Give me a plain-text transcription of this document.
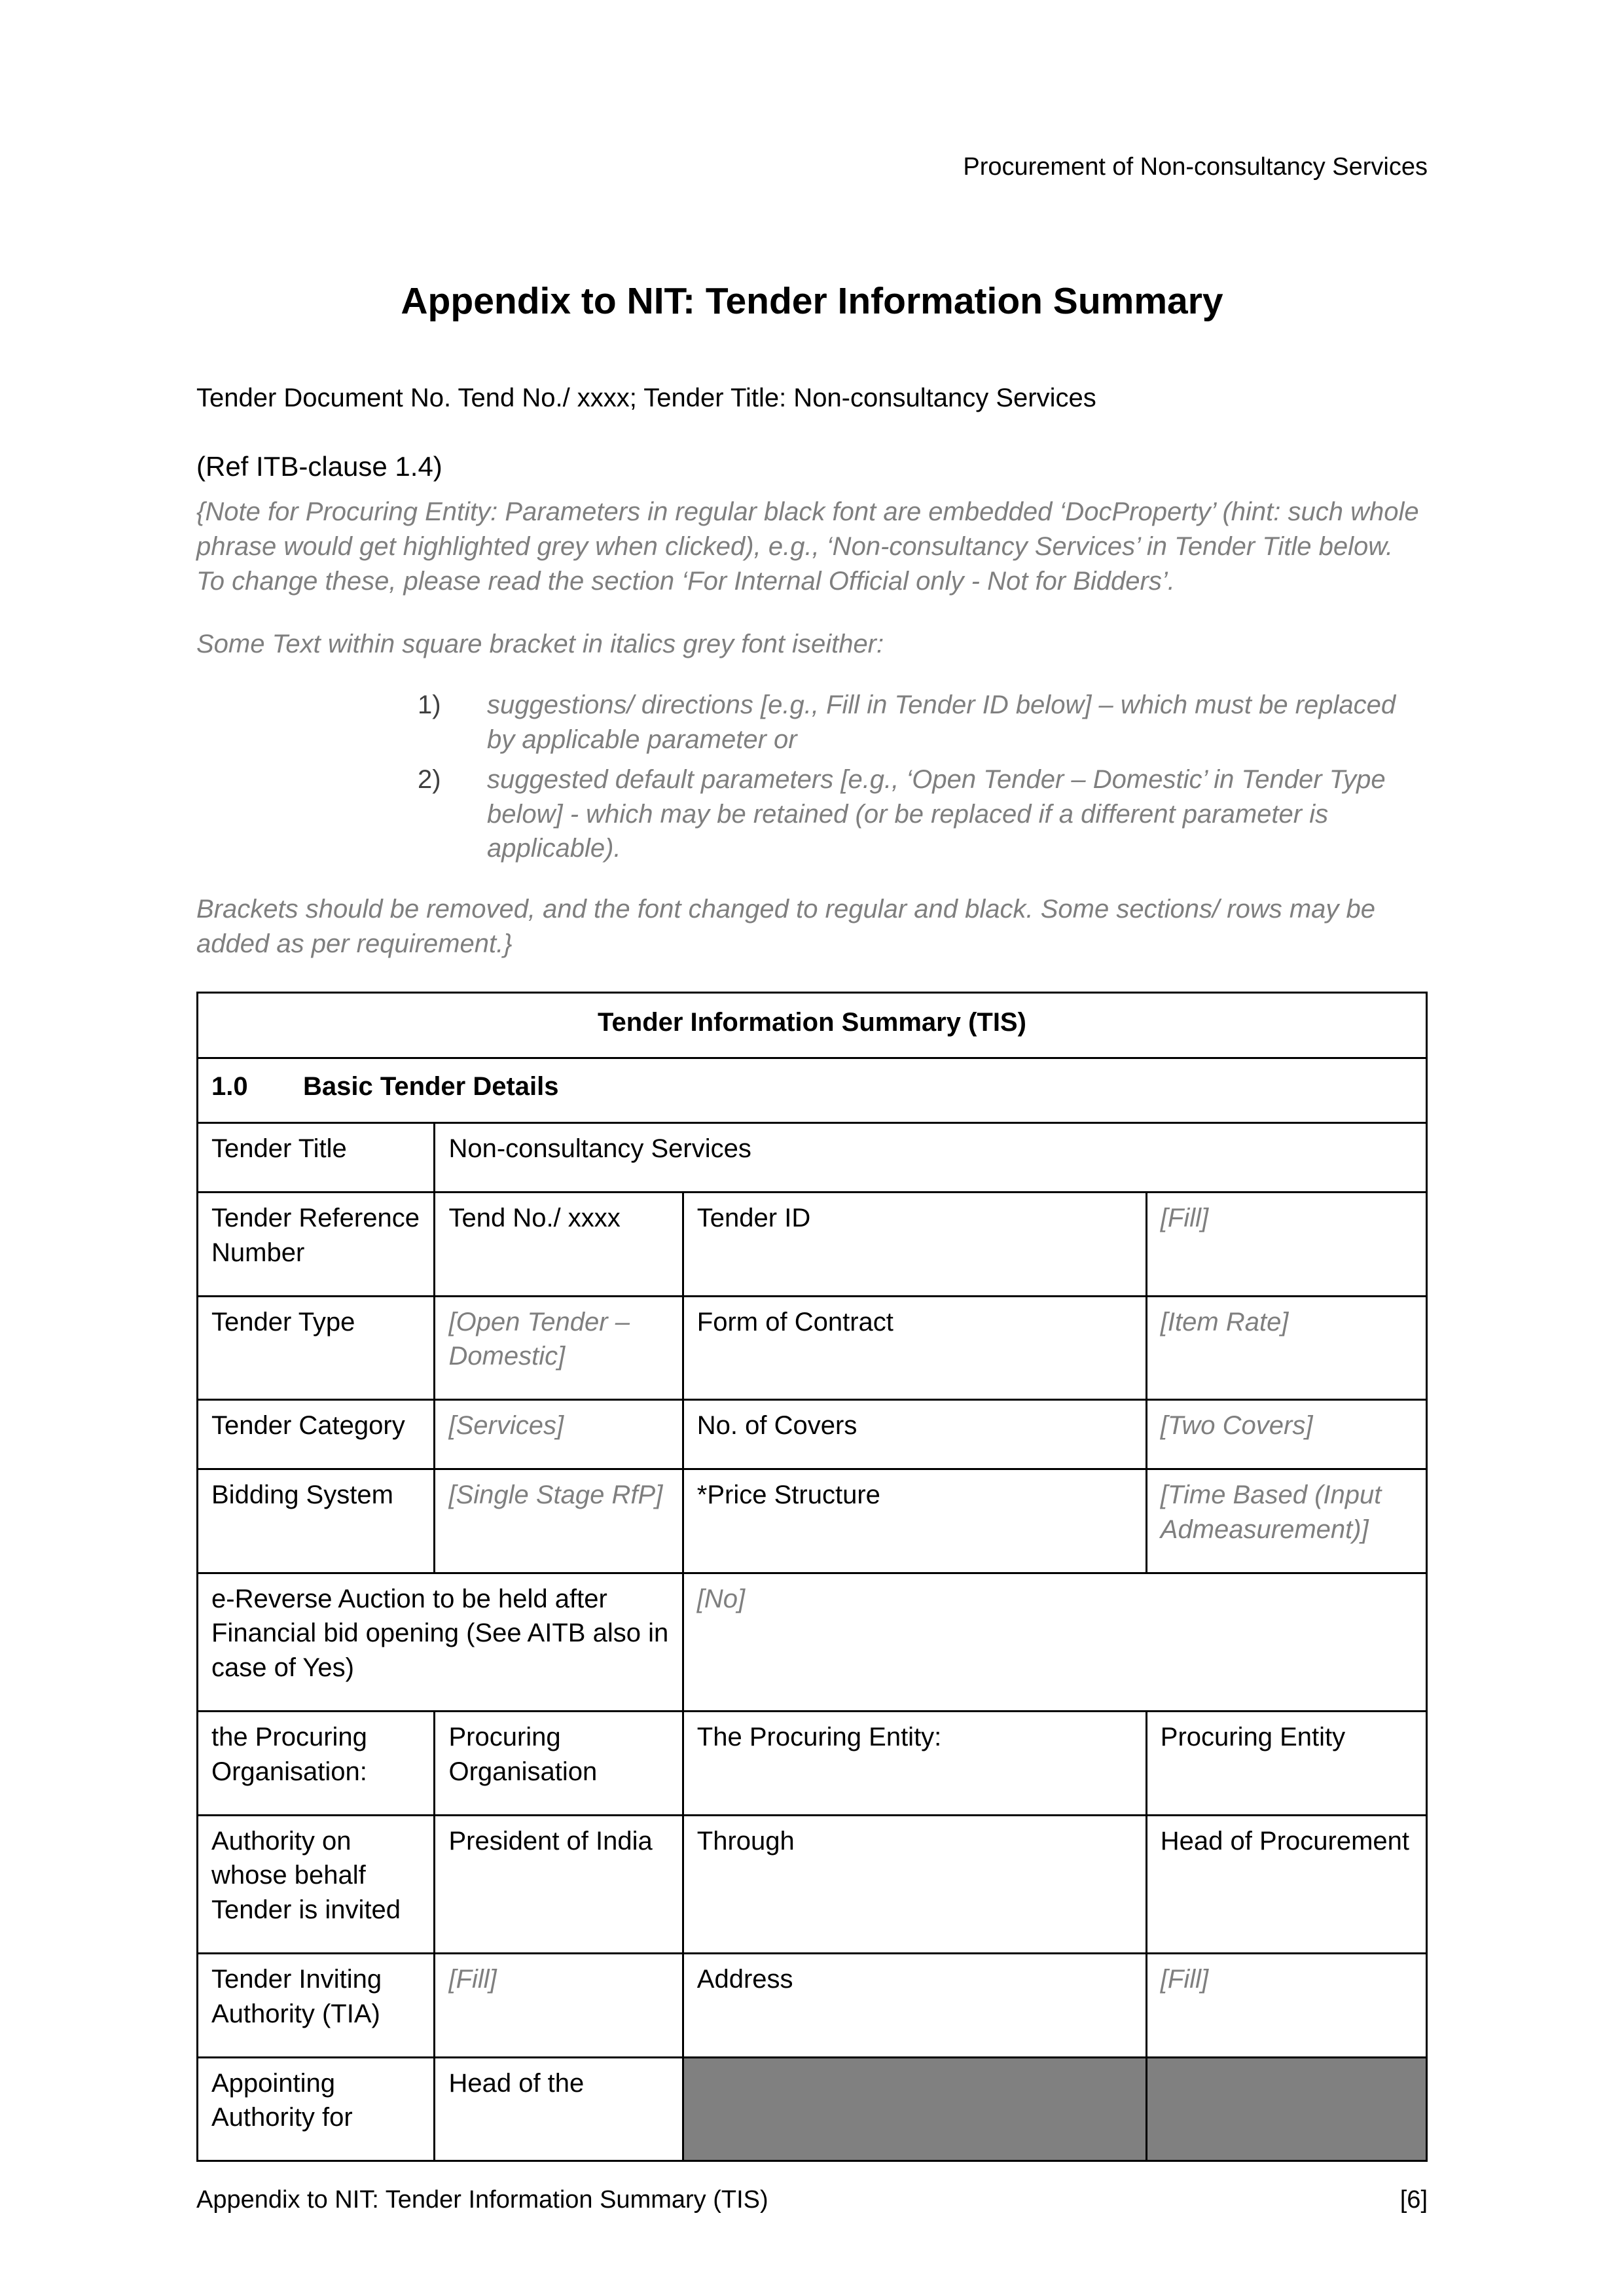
Procurement of Non-consultancy Services
Appendix to NIT: Tender Information Summary

Tender Document No. Tend No./ xxxx; Tender Title: Non-consultancy Services

(Ref ITB-clause 1.4)

{Note for Procuring Entity: Parameters in regular black font are embedded ‘DocProperty’ (hint: such whole phrase would get highlighted grey when clicked), e.g., ‘Non-consultancy Services’ in Tender Title below. To change these, please read the section ‘For Internal Official only - Not for Bidders’.

Some Text within square bracket in italics grey font iseither:

1)	suggestions/ directions [e.g., Fill in Tender ID below] – which must be replaced by applicable parameter or
2)	suggested default parameters [e.g., ‘Open Tender – Domestic’ in Tender Type below] - which may be retained (or be replaced if a different parameter is applicable).

Brackets should be removed, and the font changed to regular and black. Some sections/ rows may be added as per requirement.}

Tender Information Summary (TIS)			
1.0 Basic Tender Details			
Tender Title	Non-consultancy Services		
Tender Reference Number	Tend No./ xxxx	Tender ID	[Fill]
Tender Type	[Open Tender – Domestic]	Form of Contract	[Item Rate]
Tender Category	[Services]	No. of Covers	[Two Covers]
Bidding System	[Single Stage RfP]	*Price Structure	[Time Based (Input Admeasurement)]
e-Reverse Auction to be held after Financial bid opening (See AITB also in case of Yes)		[No]	
the Procuring Organisation:	Procuring Organisation	The Procuring Entity:	Procuring Entity
Authority on whose behalf Tender is invited	President of India	Through	Head of Procurement
Tender Inviting Authority (TIA)	[Fill]	Address	[Fill]
Appointing Authority for	Head of the		
Appendix to NIT: Tender Information Summary (TIS)	[6]
